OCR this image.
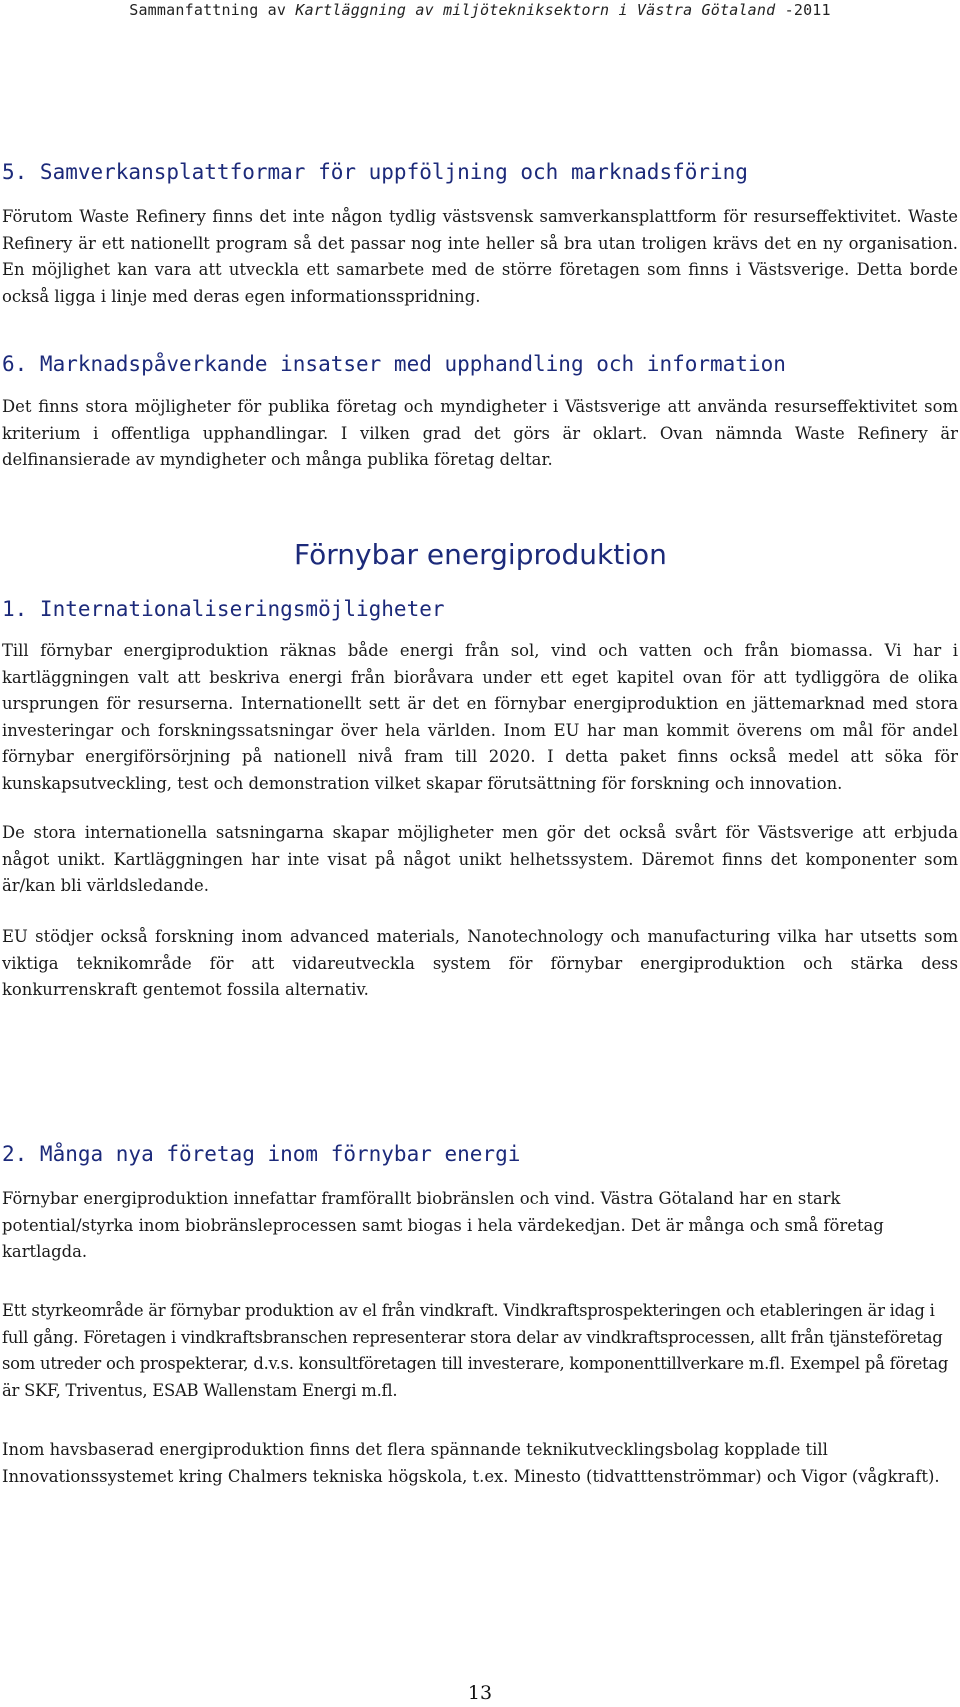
Sammanfattning av Kartläggning av miljötekniksektorn i Västra Götaland -2011
5. Samverkansplattformar för uppföljning och marknadsföring

Förutom Waste Refinery finns det inte någon tydlig västsvensk samverkansplattform för resurseffektivitet. Waste Refinery är ett nationellt program så det passar nog inte heller så bra utan troligen krävs det en ny organisation. En möjlighet kan vara att utveckla ett samarbete med de större företagen som finns i Västsverige. Detta borde också ligga i linje med deras egen informationsspridning.

6. Marknadspåverkande insatser med upphandling och information

Det finns stora möjligheter för publika företag och myndigheter i Västsverige att använda resurseffektivitet som kriterium i offentliga upphandlingar. I vilken grad det görs är oklart. Ovan nämnda Waste Refinery är delfinansierade av myndigheter och många publika företag deltar.

Förnybar energiproduktion
1. Internationaliseringsmöjligheter

Till förnybar energiproduktion räknas både energi från sol, vind och vatten och från biomassa. Vi har i kartläggningen valt att beskriva energi från bioråvara under ett eget kapitel ovan för att tydliggöra de olika ursprungen för resurserna. Internationellt sett är det en förnybar energiproduktion en jättemarknad med stora investeringar och forskningssatsningar över hela världen. Inom EU har man kommit överens om mål för andel förnybar energiförsörjning på nationell nivå fram till 2020. I detta paket finns också medel att söka för kunskapsutveckling, test och demonstration vilket skapar förutsättning för forskning och innovation.

De stora internationella satsningarna skapar möjligheter men gör det också svårt för Västsverige att erbjuda något unikt. Kartläggningen har inte visat på något unikt helhetssystem. Däremot finns det komponenter som är/kan bli världsledande.

EU stödjer också forskning inom advanced materials, Nanotechnology och manufacturing vilka har utsetts som viktiga teknikområde för att vidareutveckla system för förnybar energiproduktion och stärka dess konkurrenskraft gentemot fossila alternativ.

2. Många nya företag inom förnybar energi

Förnybar energiproduktion innefattar framförallt biobränslen och vind. Västra Götaland har en stark potential/styrka inom biobränsleprocessen samt biogas i hela värdekedjan. Det är många och små företag kartlagda.

Ett styrkeområde är förnybar produktion av el från vindkraft. Vindkraftsprospekteringen och etableringen är idag i full gång. Företagen i vindkraftsbranschen representerar stora delar av vindkraftsprocessen, allt från tjänsteföretag som utreder och prospekterar, d.v.s. konsultföretagen till investerare, komponenttillverkare m.fl. Exempel på företag är SKF, Triventus, ESAB Wallenstam Energi m.fl.

Inom havsbaserad energiproduktion finns det flera spännande teknikutvecklingsbolag kopplade till Innovationssystemet kring Chalmers tekniska högskola, t.ex. Minesto (tidvatttenströmmar) och Vigor (vågkraft).

13
